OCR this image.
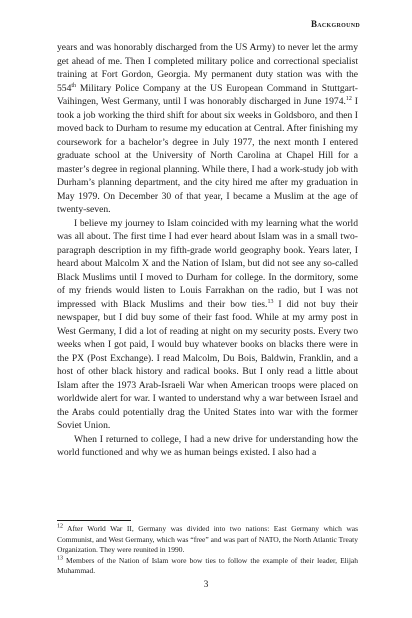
Background

years and was honorably discharged from the US Army) to never let the army get ahead of me. Then I completed military police and correctional specialist training at Fort Gordon, Georgia. My permanent duty station was with the 554th Military Police Company at the US European Command in Stuttgart-Vaihingen, West Germany, until I was honorably discharged in June 1974.12 I took a job working the third shift for about six weeks in Goldsboro, and then I moved back to Durham to resume my education at Central. After finishing my coursework for a bachelor’s degree in July 1977, the next month I entered graduate school at the University of North Carolina at Chapel Hill for a master’s degree in regional planning. While there, I had a work-study job with Durham’s planning department, and the city hired me after my graduation in May 1979. On December 30 of that year, I became a Muslim at the age of twenty-seven.

I believe my journey to Islam coincided with my learning what the world was all about. The first time I had ever heard about Islam was in a small two-paragraph description in my fifth-grade world geography book. Years later, I heard about Malcolm X and the Nation of Islam, but did not see any so-called Black Muslims until I moved to Durham for college. In the dormitory, some of my friends would listen to Louis Farrakhan on the radio, but I was not impressed with Black Muslims and their bow ties.$^{13}$ I did not buy their newspaper, but I did buy some of their fast food. While at my army post in West Germany, I did a lot of reading at night on my security posts. Every two weeks when I got paid, I would buy whatever books on blacks there were in the PX (Post Exchange). I read Malcolm, Du Bois, Baldwin, Franklin, and a host of other black history and radical books. But I only read a little about Islam after the 1973 Arab-Israeli War when American troops were placed on worldwide alert for war. I wanted to understand why a war between Israel and the Arabs could potentially drag the United States into war with the former Soviet Union.

When I returned to college, I had a new drive for understanding how the world functioned and why we as human beings existed. I also had a

$^{12}$ After World War II, Germany was divided into two nations: East Germany which was Communist, and West Germany, which was “free” and was part of NATO, the North Atlantic Treaty Organization. They were reunited in 1990.

$^{13}$ Members of the Nation of Islam wore bow ties to follow the example of their leader, Elijah Muhammad.

3
